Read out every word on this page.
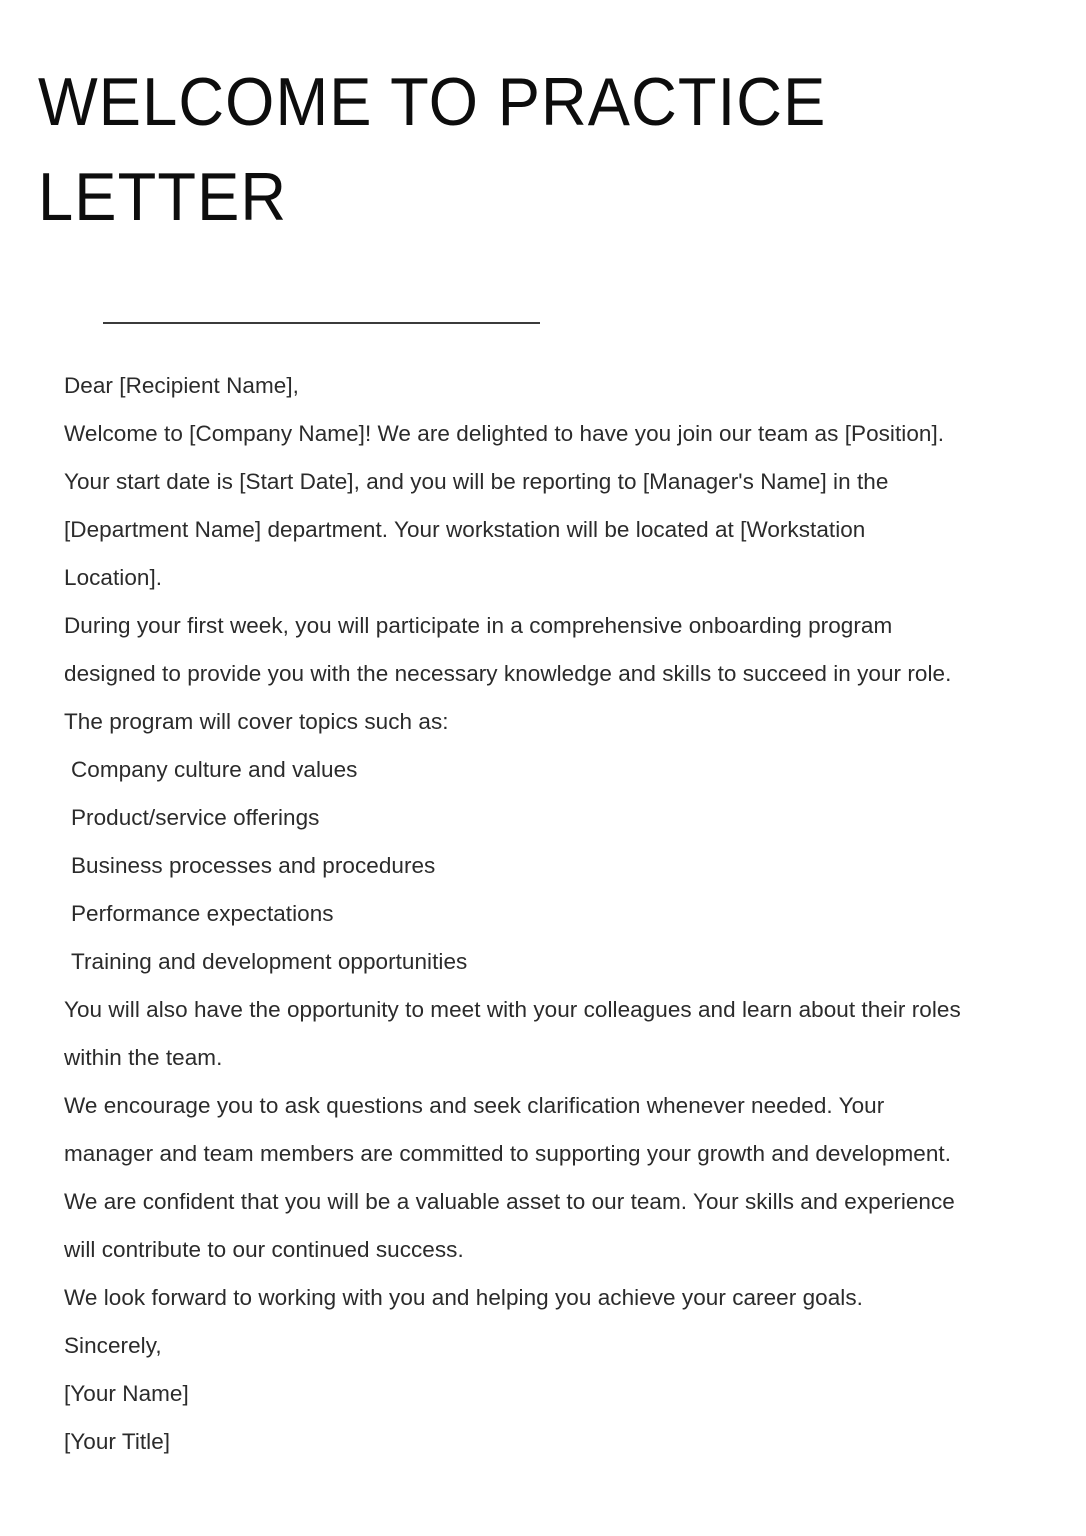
WELCOME TO PRACTICE LETTER

Dear [Recipient Name],

Welcome to [Company Name]! We are delighted to have you join our team as [Position].

Your start date is [Start Date], and you will be reporting to [Manager's Name] in the [Department Name] department. Your workstation will be located at [Workstation Location].

During your first week, you will participate in a comprehensive onboarding program designed to provide you with the necessary knowledge and skills to succeed in your role. The program will cover topics such as:

Company culture and values
Product/service offerings
Business processes and procedures
Performance expectations
Training and development opportunities

You will also have the opportunity to meet with your colleagues and learn about their roles within the team.

We encourage you to ask questions and seek clarification whenever needed. Your manager and team members are committed to supporting your growth and development.

We are confident that you will be a valuable asset to our team. Your skills and experience will contribute to our continued success.

We look forward to working with you and helping you achieve your career goals.

Sincerely,

[Your Name]

[Your Title]
